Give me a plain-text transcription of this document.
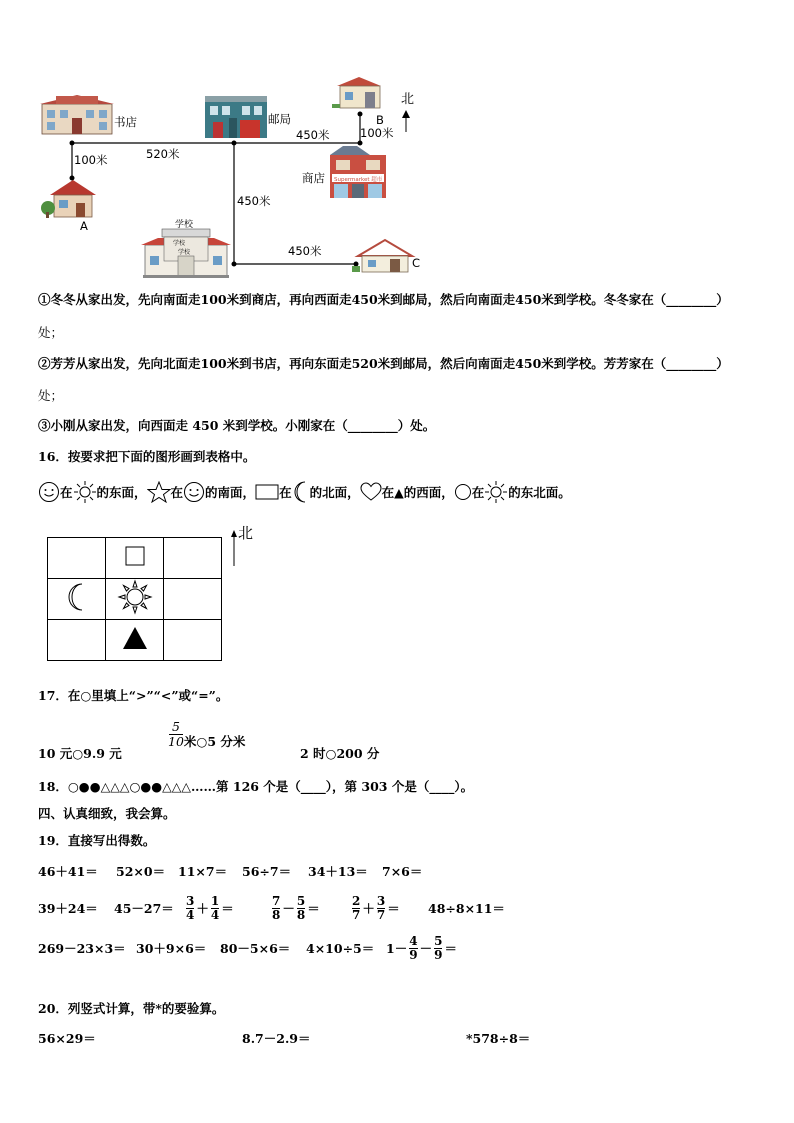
书店	邮局
商店
学校
北
A
B
C
学校
学校
Supermarket 超市
100米	520米
450米	100米
450米
450米
①冬冬从家出发，先向南面走100米到商店，再向西面走450米到邮局，然后向南面走450米到学校。冬冬家在（________）
处；
②芳芳从家出发，先向北面走100米到书店，再向东面走520米到邮局，然后向南面走450米到学校。芳芳家在（________）
处；
③小刚从家出发，向西面走 450 米到学校。小刚家在（________）处。
16．按要求把下面的图形画到表格中。
在 的东面， 在 的南面， 在 的北面， 在▲的西面， 在 的东北面。

北
17．在○里填上“>”“<”或“=”。
10 元○9.9 元
5
10 米○5 分米
2 时○200 分
18．○●●△△△○●●△△△……第 126 个是（____），第 303 个是（____）。
四、认真细致，我会算。
19．直接写出得数。
46＋41＝	52×0＝	11×7＝	56÷7＝	34＋13＝	7×6＝
39＋24＝	45－27＝	$\frac{3}{4} + \frac{1}{4}$ ＝	$\frac{7}{8} - \frac{5}{8}$ ＝	$\frac{2}{7} + \frac{3}{7} = 48\div 8\times 11=$
269－23×3＝ 30＋9×6＝	80－5×6＝	$4\times 10\div 5= 1- \frac{4}{9} - \frac{5}{9}$ ＝
20．列竖式计算，带*的要验算。
56×29＝	8.7－2.9＝	*578÷8＝
